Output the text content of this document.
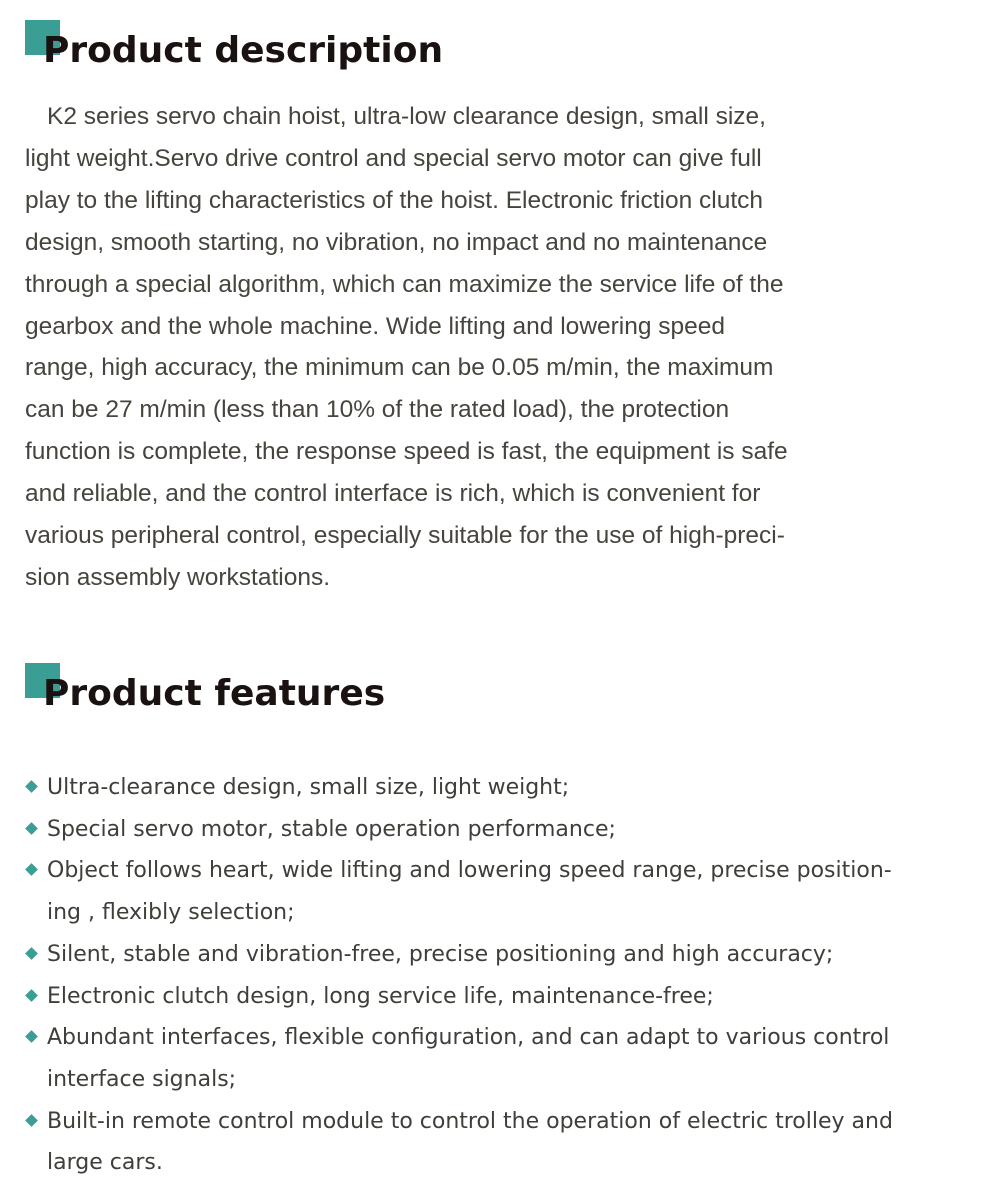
Product description

K2 series servo chain hoist, ultra-low clearance design, small size,
light weight.Servo drive control and special servo motor can give full
play to the lifting characteristics of the hoist. Electronic friction clutch
design, smooth starting, no vibration, no impact and no maintenance
through a special algorithm, which can maximize the service life of the
gearbox and the whole machine. Wide lifting and lowering speed
range, high accuracy, the minimum can be 0.05 m/min, the maximum
can be 27 m/min (less than 10% of the rated load), the protection
function is complete, the response speed is fast, the equipment is safe
and reliable, and the control interface is rich, which is convenient for
various peripheral control, especially suitable for the use of high-preci-
sion assembly workstations.

Product features
Ultra-clearance design, small size, light weight;
Special servo motor, stable operation performance;
Object follows heart, wide lifting and lowering speed range, precise position-
ing , flexibly selection;
Silent, stable and vibration-free, precise positioning and high accuracy;
Electronic clutch design, long service life, maintenance-free;
Abundant interfaces, flexible configuration, and can adapt to various control
interface signals;
Built-in remote control module to control the operation of electric trolley and
large cars.
